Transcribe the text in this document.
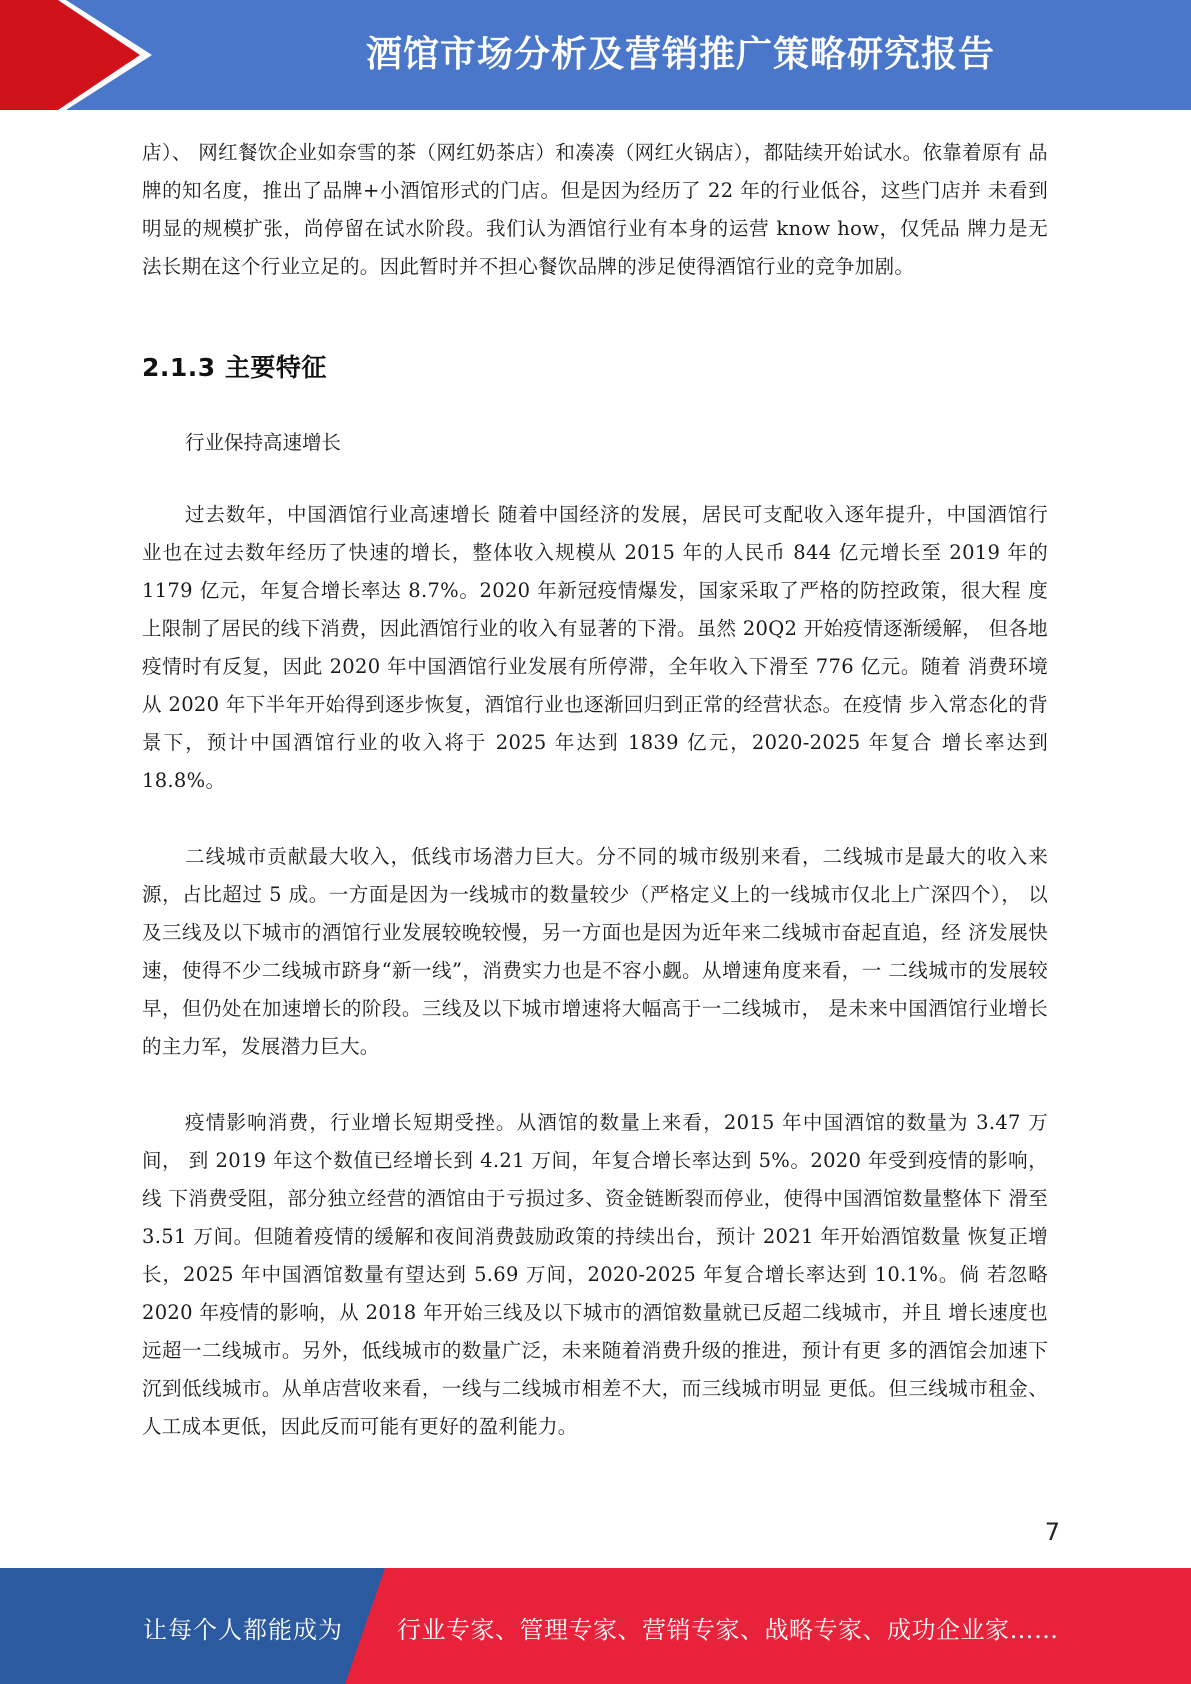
酒馆市场分析及营销推广策略研究报告

店）、 网红餐饮企业如奈雪的茶（网红奶茶店）和凑凑（网红火锅店），都陆续开始试水。依靠着原有 品牌的知名度，推出了品牌+小酒馆形式的门店。但是因为经历了 22 年的行业低谷，这些门店并 未看到明显的规模扩张，尚停留在试水阶段。我们认为酒馆行业有本身的运营 know how，仅凭品 牌力是无法长期在这个行业立足的。因此暂时并不担心餐饮品牌的涉足使得酒馆行业的竞争加剧。

2.1.3 主要特征

行业保持高速增长

过去数年，中国酒馆行业高速增长 随着中国经济的发展，居民可支配收入逐年提升，中国酒馆行 业也在过去数年经历了快速的增长，整体收入规模从 2015 年的人民币 844 亿元增长至 2019 年的 1179 亿元，年复合增长率达 8.7%。2020 年新冠疫情爆发，国家采取了严格的防控政策，很大程 度上限制了居民的线下消费，因此酒馆行业的收入有显著的下滑。虽然 20Q2 开始疫情逐渐缓解， 但各地疫情时有反复，因此 2020 年中国酒馆行业发展有所停滞，全年收入下滑至 776 亿元。随着 消费环境从 2020 年下半年开始得到逐步恢复，酒馆行业也逐渐回归到正常的经营状态。在疫情 步入常态化的背景下，预计中国酒馆行业的收入将于 2025 年达到 1839 亿元，2020-2025 年复合 增长率达到 18.8%。

二线城市贡献最大收入，低线市场潜力巨大。分不同的城市级别来看，二线城市是最大的收入来 源，占比超过 5 成。一方面是因为一线城市的数量较少（严格定义上的一线城市仅北上广深四个）， 以及三线及以下城市的酒馆行业发展较晚较慢，另一方面也是因为近年来二线城市奋起直追，经 济发展快速，使得不少二线城市跻身“新一线”，消费实力也是不容小觑。从增速角度来看，一 二线城市的发展较早，但仍处在加速增长的阶段。三线及以下城市增速将大幅高于一二线城市， 是未来中国酒馆行业增长的主力军，发展潜力巨大。

疫情影响消费，行业增长短期受挫。从酒馆的数量上来看，2015 年中国酒馆的数量为 3.47 万间， 到 2019 年这个数值已经增长到 4.21 万间，年复合增长率达到 5%。2020 年受到疫情的影响，线 下消费受阻，部分独立经营的酒馆由于亏损过多、资金链断裂而停业，使得中国酒馆数量整体下 滑至 3.51 万间。但随着疫情的缓解和夜间消费鼓励政策的持续出台，预计 2021 年开始酒馆数量 恢复正增长，2025 年中国酒馆数量有望达到 5.69 万间，2020-2025 年复合增长率达到 10.1%。倘 若忽略 2020 年疫情的影响，从 2018 年开始三线及以下城市的酒馆数量就已反超二线城市，并且 增长速度也远超一二线城市。另外，低线城市的数量广泛，未来随着消费升级的推进，预计有更 多的酒馆会加速下沉到低线城市。从单店营收来看，一线与二线城市相差不大，而三线城市明显 更低。但三线城市租金、人工成本更低，因此反而可能有更好的盈利能力。

7
让每个人都能成为 行业专家、管理专家、营销专家、战略专家、成功企业家……
